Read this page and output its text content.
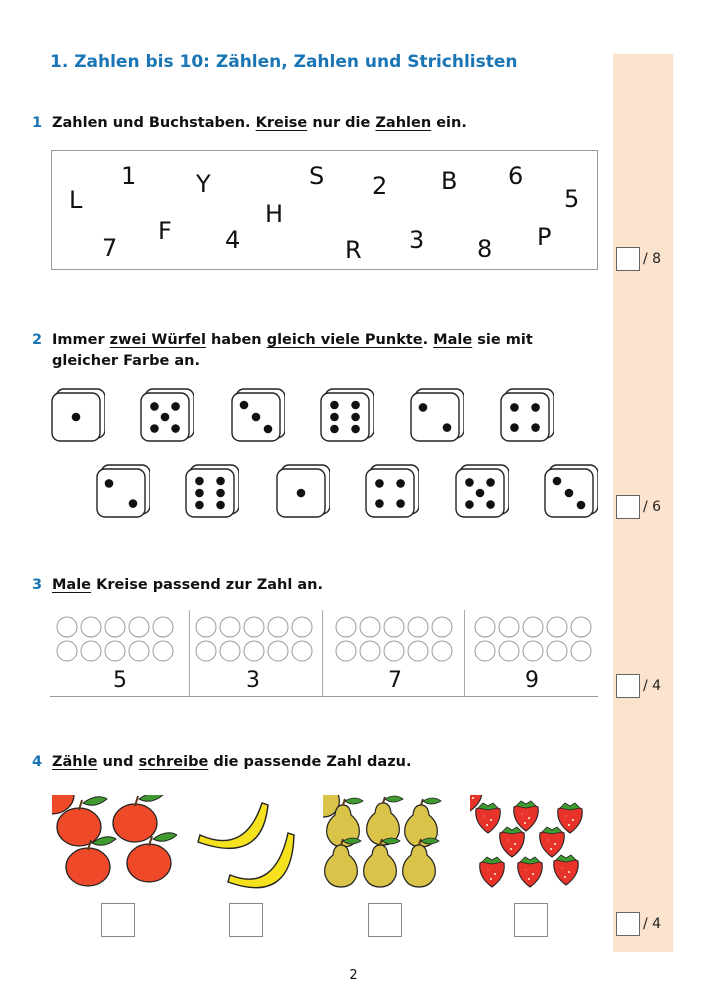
1. Zahlen bis 10: Zählen, Zahlen und Strichlisten
1 Zahlen und Buchstaben. Kreise nur die Zahlen ein.
L
1 Y	S 2 B 6
5
7
F 4
H
R 3 8 P
/ 8
2 Immer zwei Würfel haben gleich viele Punkte. Male sie mit gleicher Farbe an.
/ 6
3 Male Kreise passend zur Zahl an.
5	3	7	9	/ 4
4 Zähle und schreibe die passende Zahl dazu.
/ 4
2
